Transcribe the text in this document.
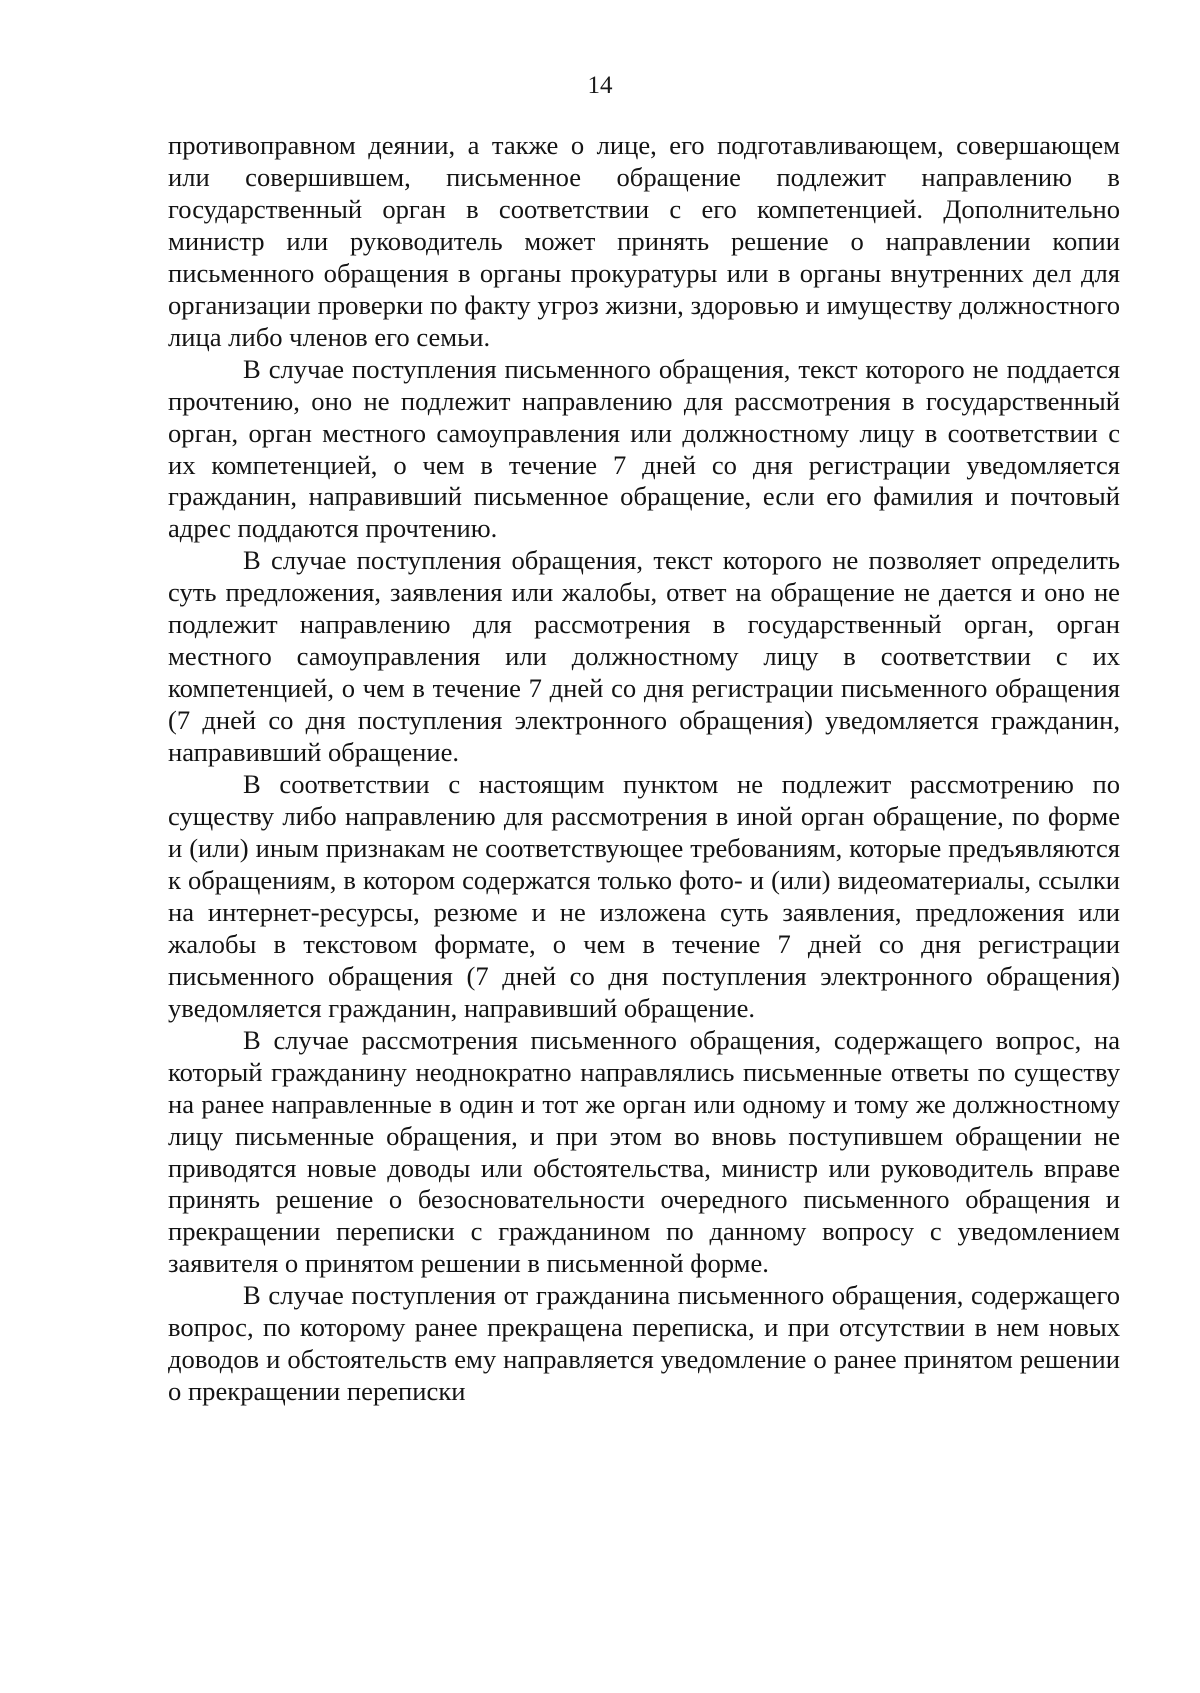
14

противоправном деянии, а также о лице, его подготавливающем, совершающем или совершившем, письменное обращение подлежит направлению в государственный орган в соответствии с его компетенцией. Дополнительно министр или руководитель может принять решение о направлении копии письменного обращения в органы прокуратуры или в органы внутренних дел для организации проверки по факту угроз жизни, здоровью и имуществу должностного лица либо членов его семьи.

В случае поступления письменного обращения, текст которого не поддается прочтению, оно не подлежит направлению для рассмотрения в государственный орган, орган местного самоуправления или должностному лицу в соответствии с их компетенцией, о чем в течение 7 дней со дня регистрации уведомляется гражданин, направивший письменное обращение, если его фамилия и почтовый адрес поддаются прочтению.

В случае поступления обращения, текст которого не позволяет определить суть предложения, заявления или жалобы, ответ на обращение не дается и оно не подлежит направлению для рассмотрения в государственный орган, орган местного самоуправления или должностному лицу в соответствии с их компетенцией, о чем в течение 7 дней со дня регистрации письменного обращения (7 дней со дня поступления электронного обращения) уведомляется гражданин, направивший обращение.

В соответствии с настоящим пунктом не подлежит рассмотрению по существу либо направлению для рассмотрения в иной орган обращение, по форме и (или) иным признакам не соответствующее требованиям, которые предъявляются к обращениям, в котором содержатся только фото- и (или) видеоматериалы, ссылки на интернет-ресурсы, резюме и не изложена суть заявления, предложения или жалобы в текстовом формате, о чем в течение 7 дней со дня регистрации письменного обращения (7 дней со дня поступления электронного обращения) уведомляется гражданин, направивший обращение.

В случае рассмотрения письменного обращения, содержащего вопрос, на который гражданину неоднократно направлялись письменные ответы по существу на ранее направленные в один и тот же орган или одному и тому же должностному лицу письменные обращения, и при этом во вновь поступившем обращении не приводятся новые доводы или обстоятельства, министр или руководитель вправе принять решение о безосновательности очередного письменного обращения и прекращении переписки с гражданином по данному вопросу с уведомлением заявителя о принятом решении в письменной форме.

В случае поступления от гражданина письменного обращения, содержащего вопрос, по которому ранее прекращена переписка, и при отсутствии в нем новых доводов и обстоятельств ему направляется уведомление о ранее принятом решении о прекращении переписки
